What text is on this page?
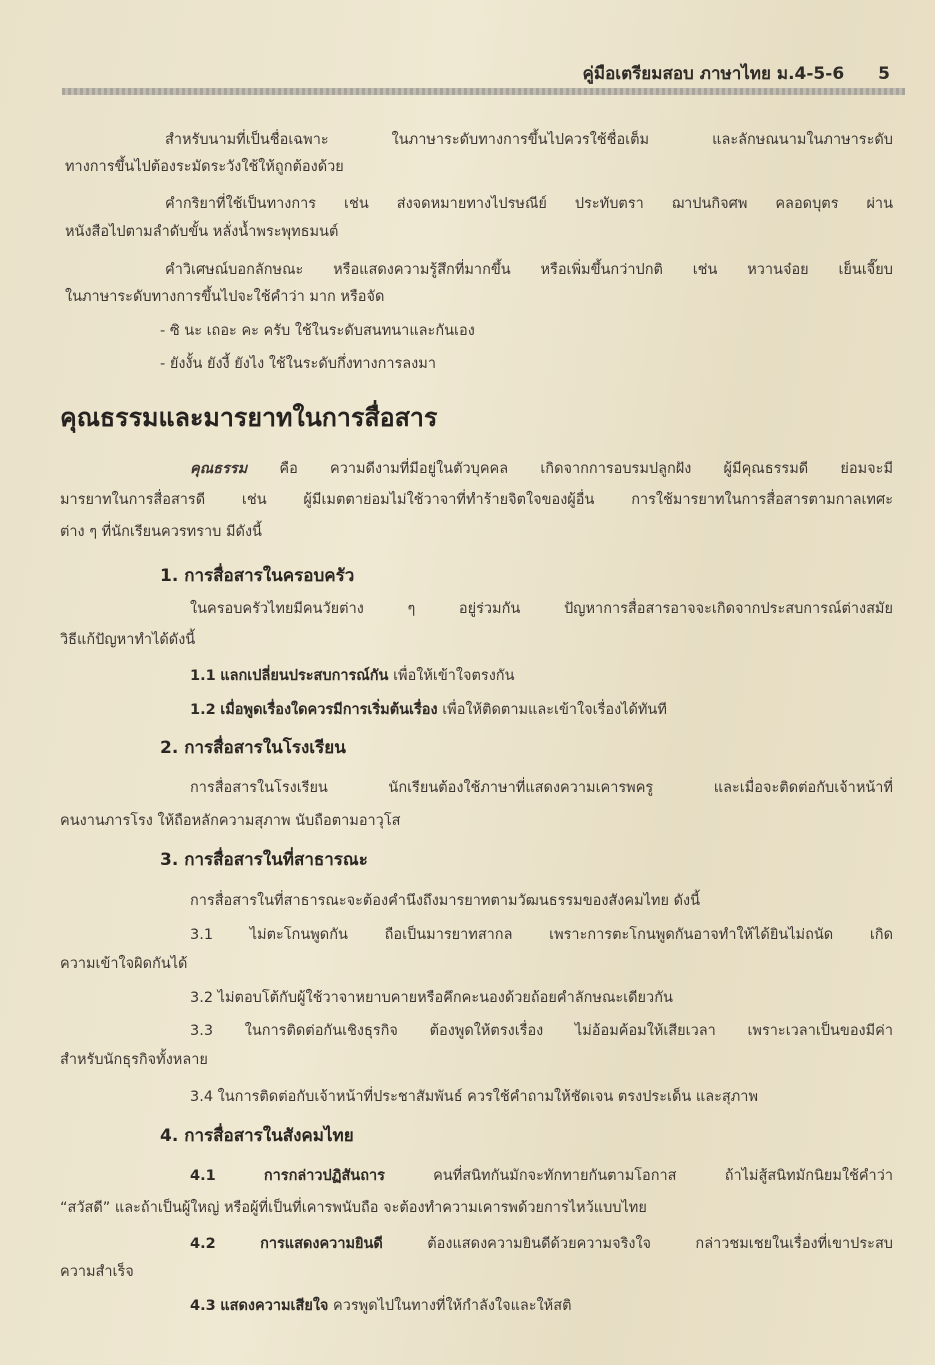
คู่มือเตรียมสอบ ภาษาไทย ม.4-5-6 5
สำหรับนามที่เป็นชื่อเฉพาะ ในภาษาระดับทางการขึ้นไปควรใช้ชื่อเต็ม และลักษณนามในภาษาระดับ
ทางการขึ้นไปต้องระมัดระวังใช้ให้ถูกต้องด้วย
คำกริยาที่ใช้เป็นทางการ เช่น ส่งจดหมายทางไปรษณีย์ ประทับตรา ฌาปนกิจศพ คลอดบุตร ผ่าน
หนังสือไปตามลำดับขั้น หลั่งน้ำพระพุทธมนต์
คำวิเศษณ์บอกลักษณะ หรือแสดงความรู้สึกที่มากขึ้น หรือเพิ่มขึ้นกว่าปกติ เช่น หวานจ๋อย เย็นเจี๊ยบ
ในภาษาระดับทางการขึ้นไปจะใช้คำว่า มาก หรือจัด
- ซิ นะ เถอะ คะ ครับ ใช้ในระดับสนทนาและกันเอง
- ยังงั้น ยังงี้ ยังไง ใช้ในระดับกึ่งทางการลงมา
คุณธรรมและมารยาทในการสื่อสาร
คุณธรรม คือ ความดีงามที่มีอยู่ในตัวบุคคล เกิดจากการอบรมปลูกฝัง ผู้มีคุณธรรมดี ย่อมจะมี
มารยาทในการสื่อสารดี เช่น ผู้มีเมตตาย่อมไม่ใช้วาจาที่ทำร้ายจิตใจของผู้อื่น การใช้มารยาทในการสื่อสารตามกาลเทศะ
ต่าง ๆ ที่นักเรียนควรทราบ มีดังนี้
1. การสื่อสารในครอบครัว
ในครอบครัวไทยมีคนวัยต่าง ๆ อยู่ร่วมกัน ปัญหาการสื่อสารอาจจะเกิดจากประสบการณ์ต่างสมัย
วิธีแก้ปัญหาทำได้ดังนี้
1.1 แลกเปลี่ยนประสบการณ์กัน เพื่อให้เข้าใจตรงกัน
1.2 เมื่อพูดเรื่องใดควรมีการเริ่มต้นเรื่อง เพื่อให้ติดตามและเข้าใจเรื่องได้ทันที
2. การสื่อสารในโรงเรียน
การสื่อสารในโรงเรียน นักเรียนต้องใช้ภาษาที่แสดงความเคารพครู และเมื่อจะติดต่อกับเจ้าหน้าที่
คนงานภารโรง ให้ถือหลักความสุภาพ นับถือตามอาวุโส
3. การสื่อสารในที่สาธารณะ
การสื่อสารในที่สาธารณะจะต้องคำนึงถึงมารยาทตามวัฒนธรรมของสังคมไทย ดังนี้
3.1	ไม่ตะโกนพูดกัน ถือเป็นมารยาทสากล เพราะการตะโกนพูดกันอาจทำให้ได้ยินไม่ถนัด เกิด
ความเข้าใจผิดกันได้
3.2 ไม่ตอบโต้กับผู้ใช้วาจาหยาบคายหรือคึกคะนองด้วยถ้อยคำลักษณะเดียวกัน
3.3 ในการติดต่อกันเชิงธุรกิจ ต้องพูดให้ตรงเรื่อง ไม่อ้อมค้อมให้เสียเวลา เพราะเวลาเป็นของมีค่า
สำหรับนักธุรกิจทั้งหลาย
3.4 ในการติดต่อกับเจ้าหน้าที่ประชาสัมพันธ์ ควรใช้คำถามให้ชัดเจน ตรงประเด็น และสุภาพ
4. การสื่อสารในสังคมไทย
4.1	การกล่าวปฏิสันถาร	คนที่สนิทกันมักจะทักทายกันตามโอกาส ถ้าไม่สู้สนิทมักนิยมใช้คำว่า
“สวัสดี” และถ้าเป็นผู้ใหญ่ หรือผู้ที่เป็นที่เคารพนับถือ จะต้องทำความเคารพด้วยการไหว้แบบไทย
4.2	การแสดงความยินดี	ต้องแสดงความยินดีด้วยความจริงใจ กล่าวชมเชยในเรื่องที่เขาประสบ
ความสำเร็จ
4.3 แสดงความเสียใจ ควรพูดไปในทางที่ให้กำลังใจและให้สติ
